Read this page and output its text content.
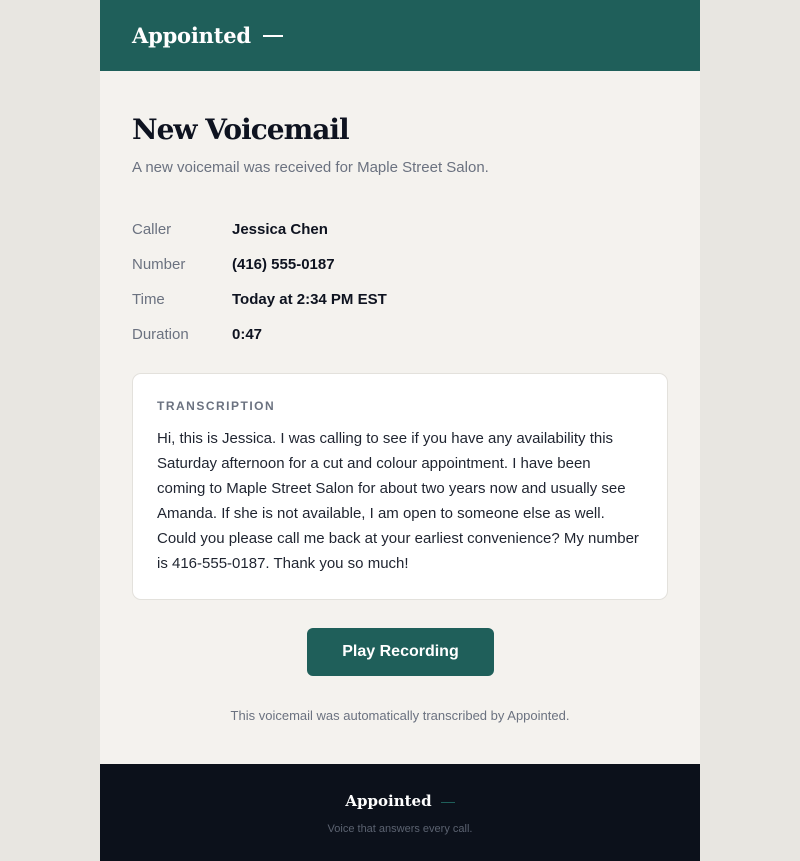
Appointed
New Voicemail
A new voicemail was received for Maple Street Salon.
Caller	Jessica Chen
Number	(416) 555-0187
Time	Today at 2:34 PM EST
Duration	0:47
TRANSCRIPTION
Hi, this is Jessica. I was calling to see if you have any availability this Saturday afternoon for a cut and colour appointment. I have been coming to Maple Street Salon for about two years now and usually see Amanda. If she is not available, I am open to someone else as well. Could you please call me back at your earliest convenience? My number is 416-555-0187. Thank you so much!
Play Recording
This voicemail was automatically transcribed by Appointed.
Appointed
Voice that answers every call.
